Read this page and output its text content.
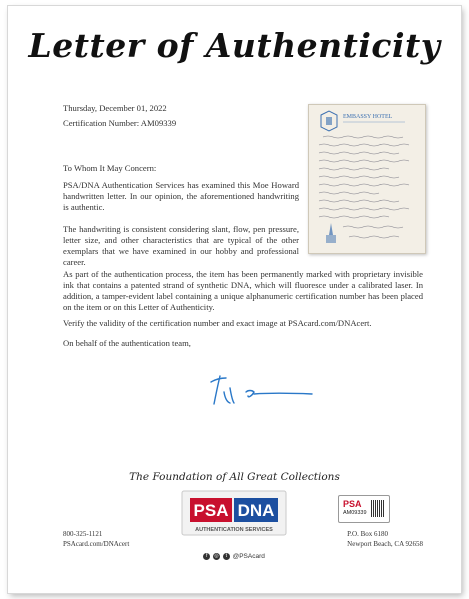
Letter of Authenticity
Thursday, December 01, 2022
Certification Number: AM09339
EMBASSY HOTEL
To Whom It May Concern:
PSA/DNA Authentication Services has examined this Moe Howard handwritten letter. In our opinion, the aforementioned handwriting is authentic.
The handwriting is consistent considering slant, flow, pen pressure, letter size, and other characteristics that are typical of the other exemplars that we have examined in our hobby and professional career.
As part of the authentication process, the item has been permanently marked with proprietary invisible ink that contains a patented strand of synthetic DNA, which will fluoresce under a calibrated laser. In addition, a tamper-evident label containing a unique alphanumeric certification number has been placed on the item or on this Letter of Authenticity.
Verify the validity of the certification number and exact image at PSAcard.com/DNAcert.
On behalf of the authentication team,
The Foundation of All Great Collections
800-325-1121
PSAcard.com/DNAcert
PSA DNA
AUTHENTICATION SERVICES
f ◎ t @PSAcard
PSA
AM09339
P.O. Box 6180
Newport Beach, CA 92658
